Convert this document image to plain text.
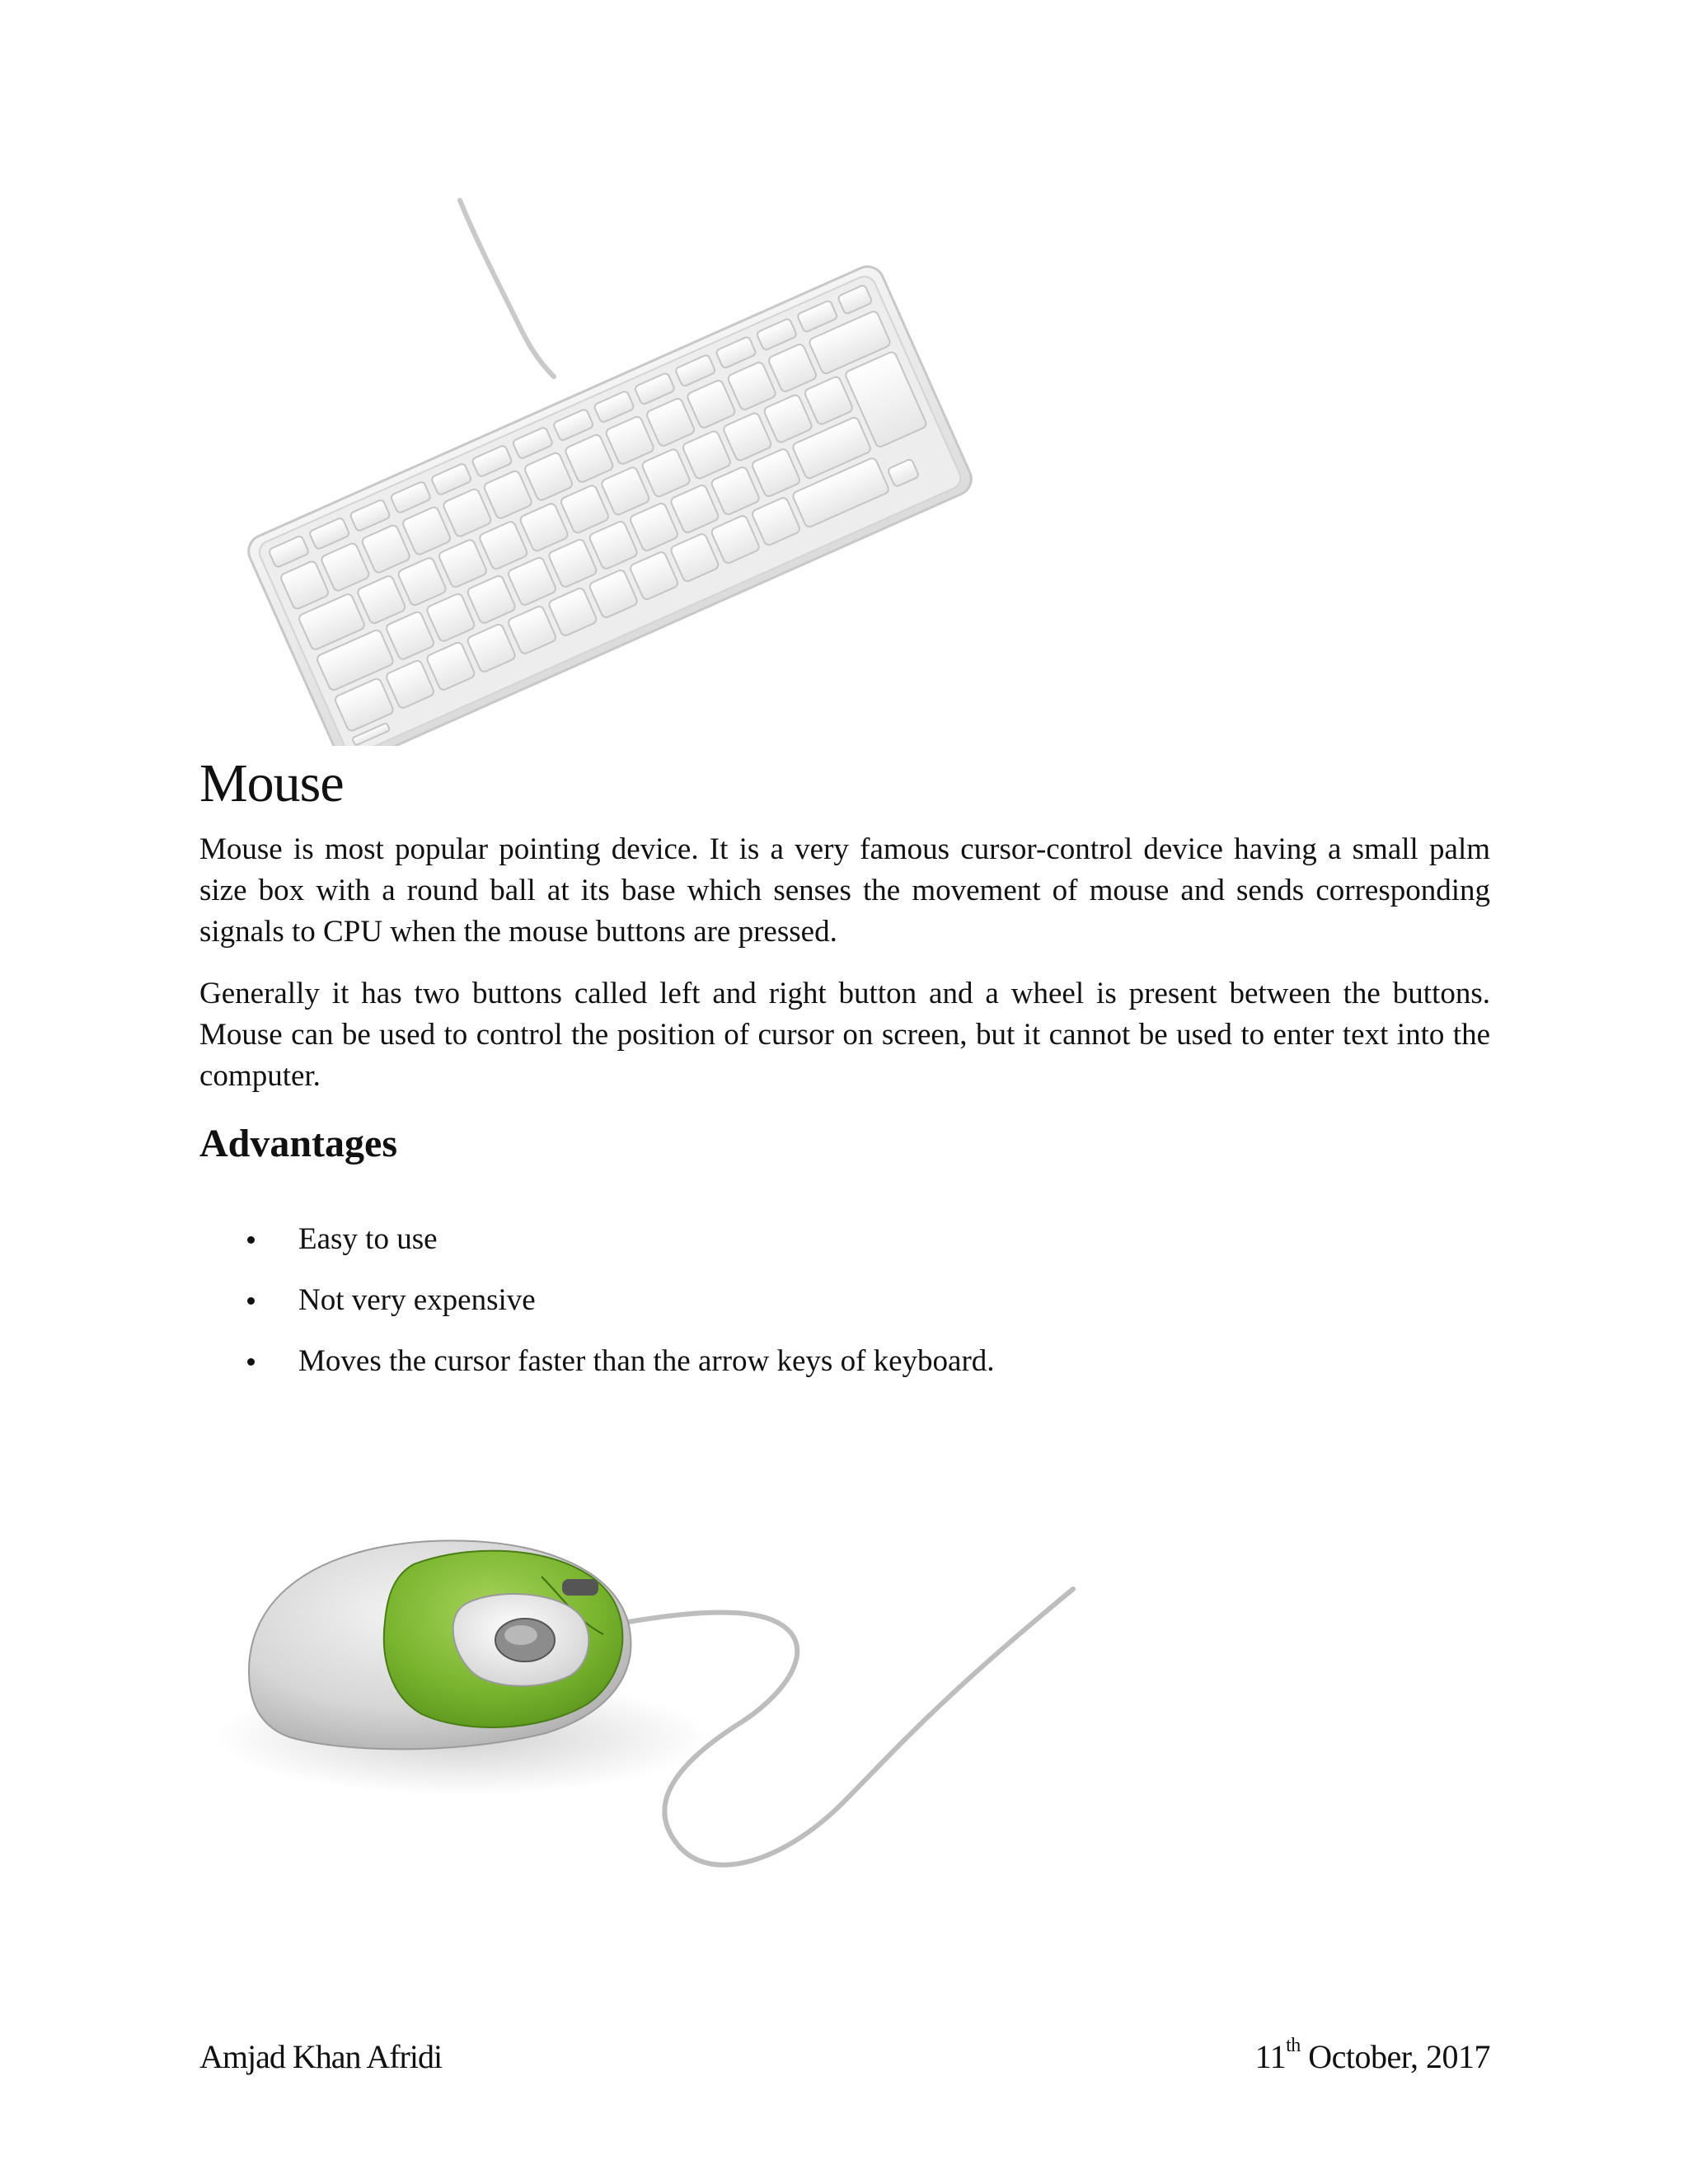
Mouse

Mouse is most popular pointing device. It is a very famous cursor-control device having a small palm size box with a round ball at its base which senses the movement of mouse and sends corresponding signals to CPU when the mouse buttons are pressed.

Generally it has two buttons called left and right button and a wheel is present between the buttons. Mouse can be used to control the position of cursor on screen, but it cannot be used to enter text into the computer.

Advantages
Easy to use
Not very expensive
Moves the cursor faster than the arrow keys of keyboard.
Amjad Khan Afridi	11th October, 2017
